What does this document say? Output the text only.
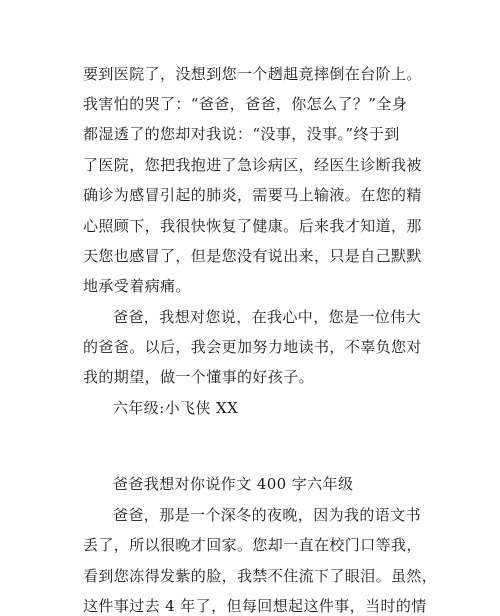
要到医院了，没想到您一个趔趄竟摔倒在台阶上。
我害怕的哭了：“爸爸，爸爸，你怎么了？”全身
都湿透了的您却对我说：“没事，没事。”终于到
了医院，您把我抱进了急诊病区，经医生诊断我被
确诊为感冒引起的肺炎，需要马上输液。在您的精
心照顾下，我很快恢复了健康。后来我才知道，那
天您也感冒了，但是您没有说出来，只是自己默默
地承受着病痛。
爸爸，我想对您说，在我心中，您是一位伟大
的爸爸。以后，我会更加努力地读书，不辜负您对
我的期望，做一个懂事的好孩子。
六年级:小飞侠 XX
爸爸我想对你说作文 400 字六年级
爸爸，那是一个深冬的夜晚，因为我的语文书
丢了，所以很晚才回家。您却一直在校门口等我，
看到您冻得发紫的脸，我禁不住流下了眼泪。虽然，
这件事过去 4 年了，但每回想起这件事，当时的情
